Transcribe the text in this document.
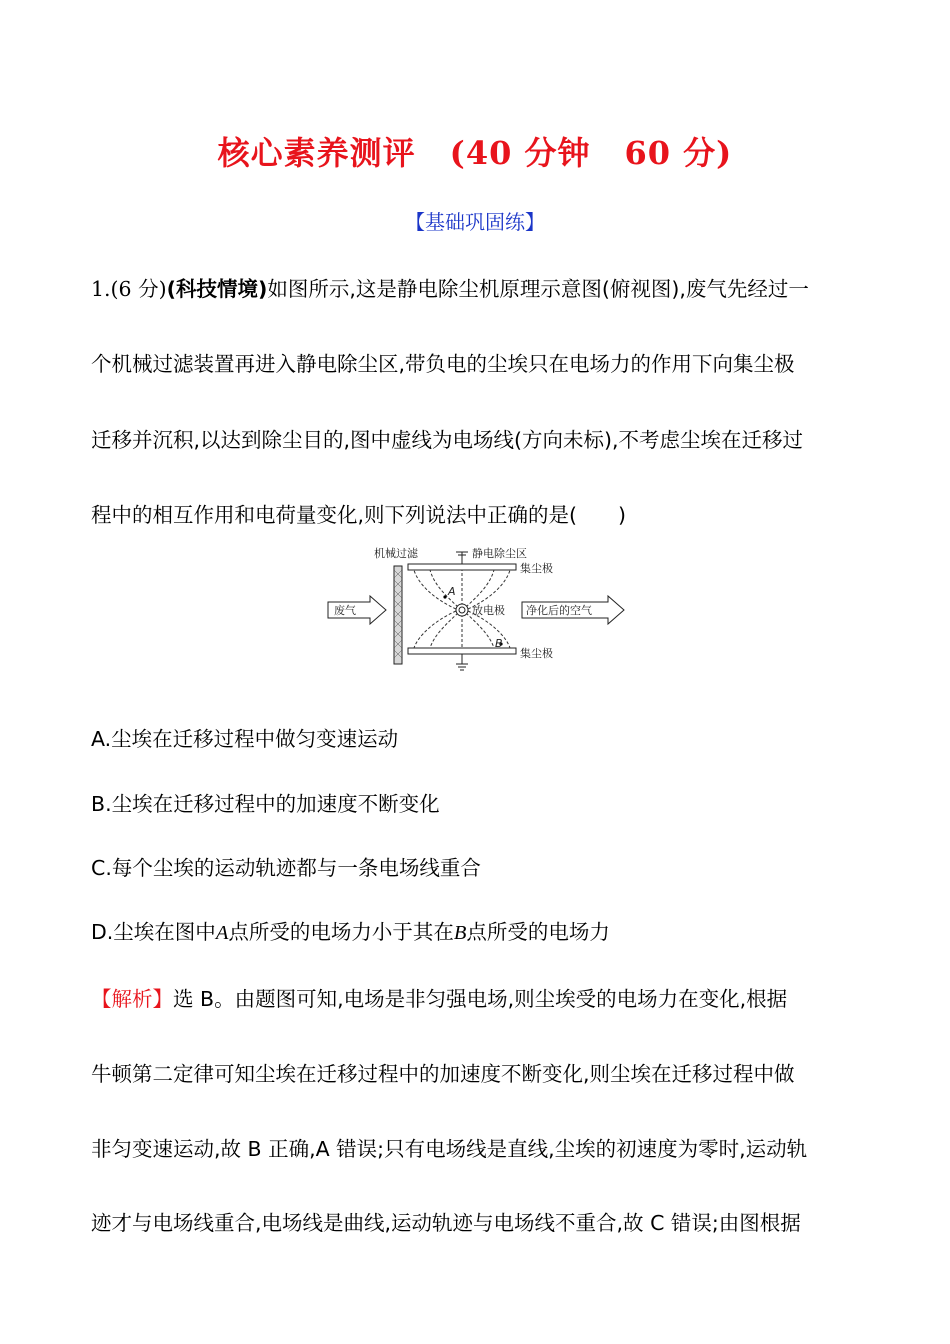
核心素养测评 (40 分钟 60 分)
【基础巩固练】
1.(6 分)(科技情境)如图所示,这是静电除尘机原理示意图(俯视图),废气先经过一
个机械过滤装置再进入静电除尘区,带负电的尘埃只在电场力的作用下向集尘极
迁移并沉积,以达到除尘目的,图中虚线为电场线(方向未标),不考虑尘埃在迁移过
程中的相互作用和电荷量变化,则下列说法中正确的是(　　)
机械过滤	静电除尘区
集尘极
集尘极
放电极
废气	净化后的空气
A
B
A.尘埃在迁移过程中做匀变速运动
B.尘埃在迁移过程中的加速度不断变化
C.每个尘埃的运动轨迹都与一条电场线重合
D.尘埃在图中A点所受的电场力小于其在B点所受的电场力
【解析】选 B。由题图可知,电场是非匀强电场,则尘埃受的电场力在变化,根据
牛顿第二定律可知尘埃在迁移过程中的加速度不断变化,则尘埃在迁移过程中做
非匀变速运动,故 B 正确,A 错误;只有电场线是直线,尘埃的初速度为零时,运动轨
迹才与电场线重合,电场线是曲线,运动轨迹与电场线不重合,故 C 错误;由图根据
